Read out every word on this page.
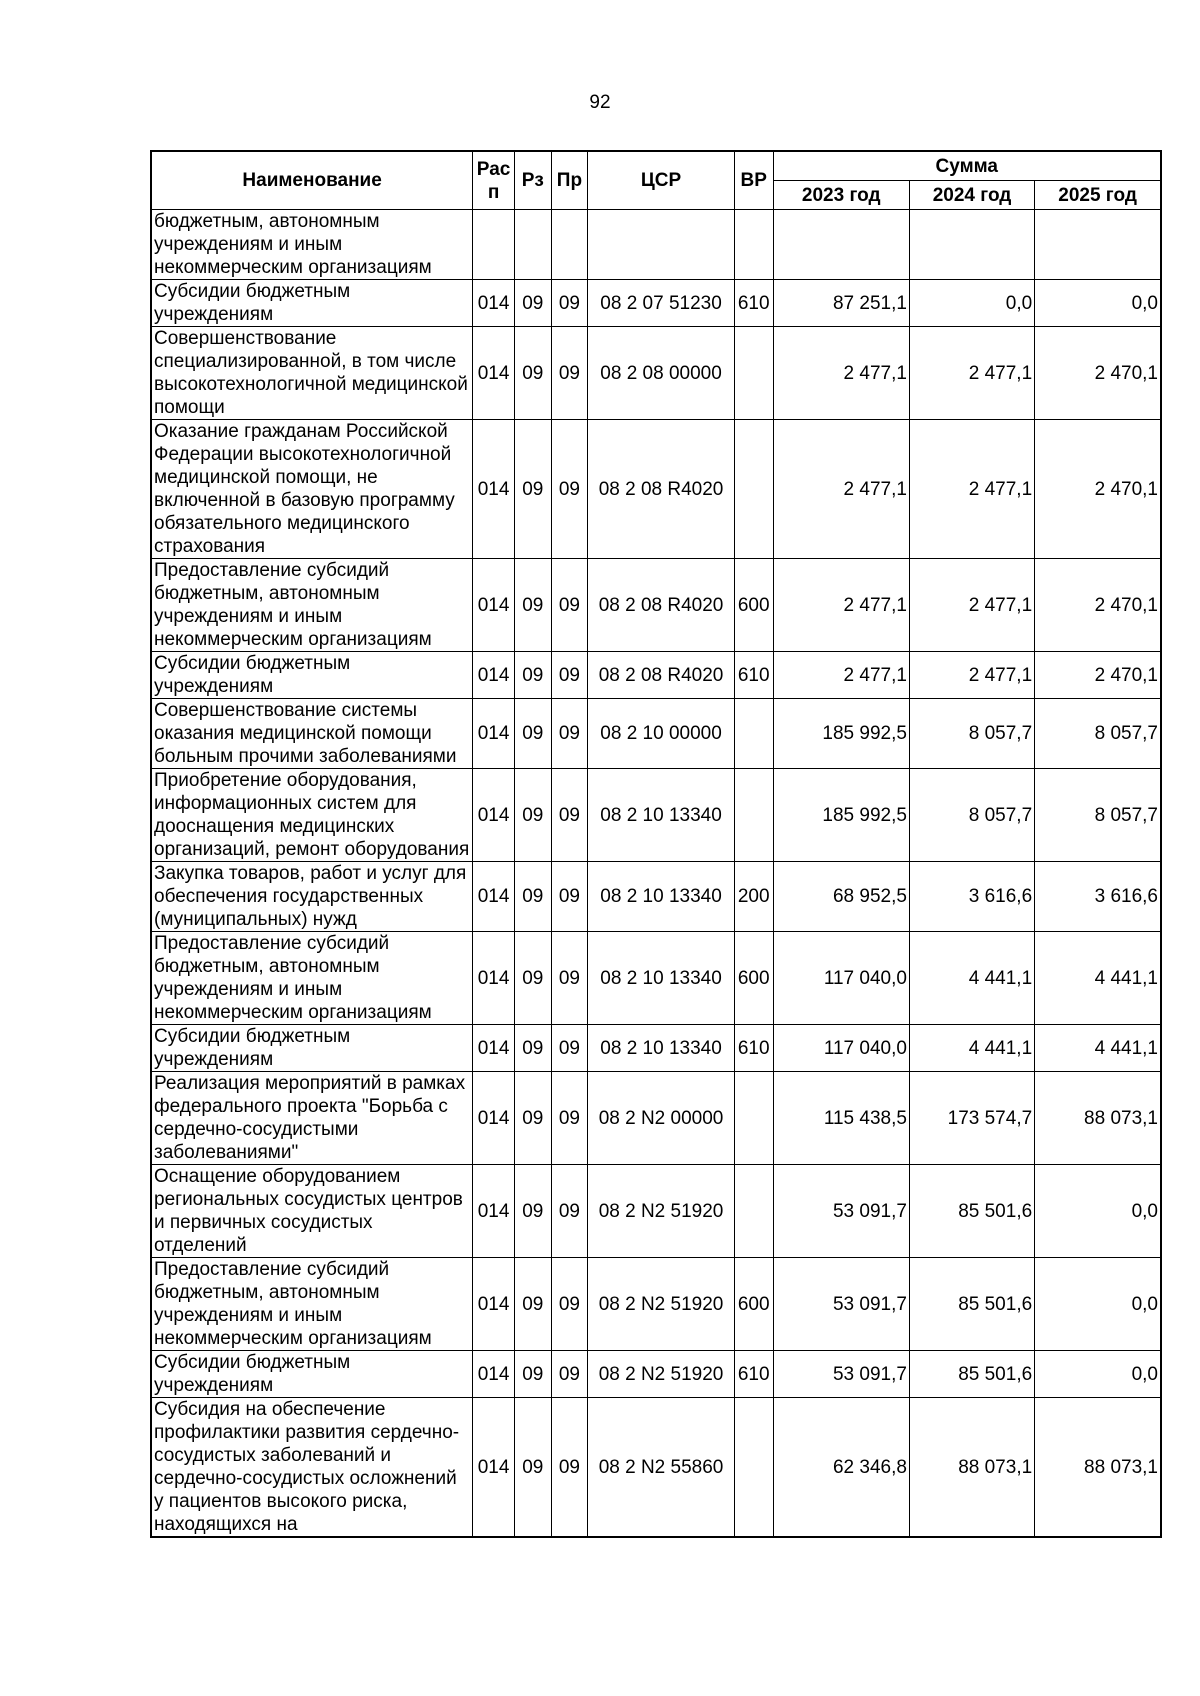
92
Наименование	Рас п	Рз	Пр	ЦСР	ВР	Сумма		
						2023 год	2024 год	2025 год
бюджетным, автономным учреждениям и иным некоммерческим организациям								
Субсидии бюджетным учреждениям	014	09	09	08 2 07 51230	610	87 251,1	0,0	0,0
Совершенствование специализированной, в том числе высокотехнологичной медицинской помощи	014	09	09	08 2 08 00000		2 477,1	2 477,1	2 470,1
Оказание гражданам Российской Федерации высокотехнологичной медицинской помощи, не включенной в базовую программу обязательного медицинского страхования	014	09	09	08 2 08 R4020		2 477,1	2 477,1	2 470,1
Предоставление субсидий бюджетным, автономным учреждениям и иным некоммерческим организациям	014	09	09	08 2 08 R4020	600	2 477,1	2 477,1	2 470,1
Субсидии бюджетным учреждениям	014	09	09	08 2 08 R4020	610	2 477,1	2 477,1	2 470,1
Совершенствование системы оказания медицинской помощи больным прочими заболеваниями	014	09	09	08 2 10 00000		185 992,5	8 057,7	8 057,7
Приобретение оборудования, информационных систем для дооснащения медицинских организаций, ремонт оборудования	014	09	09	08 2 10 13340		185 992,5	8 057,7	8 057,7
Закупка товаров, работ и услуг для обеспечения государственных (муниципальных) нужд	014	09	09	08 2 10 13340	200	68 952,5	3 616,6	3 616,6
Предоставление субсидий бюджетным, автономным учреждениям и иным некоммерческим организациям	014	09	09	08 2 10 13340	600	117 040,0	4 441,1	4 441,1
Субсидии бюджетным учреждениям	014	09	09	08 2 10 13340	610	117 040,0	4 441,1	4 441,1
Реализация мероприятий в рамках федерального проекта "Борьба с сердечно-сосудистыми заболеваниями"	014	09	09	08 2 N2 00000		115 438,5	173 574,7	88 073,1
Оснащение оборудованием региональных сосудистых центров и первичных сосудистых отделений	014	09	09	08 2 N2 51920		53 091,7	85 501,6	0,0
Предоставление субсидий бюджетным, автономным учреждениям и иным некоммерческим организациям	014	09	09	08 2 N2 51920	600	53 091,7	85 501,6	0,0
Субсидии бюджетным учреждениям	014	09	09	08 2 N2 51920	610	53 091,7	85 501,6	0,0
Субсидия на обеспечение профилактики развития сердечно-сосудистых заболеваний и сердечно-сосудистых осложнений у пациентов высокого риска, находящихся на	014	09	09	08 2 N2 55860		62 346,8	88 073,1	88 073,1
